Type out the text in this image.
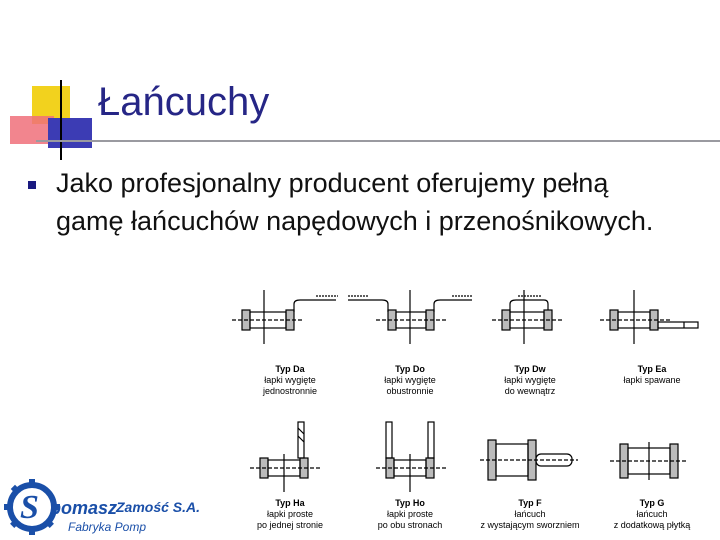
Łańcuchy

Jako profesjonalny producent oferujemy pełną gamę łańcuchów napędowych i przenośnikowych.

Typ Da
łapki wygięte
jednostronnie
Typ Do
łapki wygięte
obustronnie
Typ Dw
łapki wygięte
do wewnątrz
Typ Ea
łapki spawane
Typ Ha
łapki proste
po jednej stronie
Typ Ho
łapki proste
po obu stronach
Typ F
łańcuch
z wystającym sworzniem
Typ G
łańcuch
z dodatkową płytką
S pomasz
Zamość S.A.
Fabryka Pomp
